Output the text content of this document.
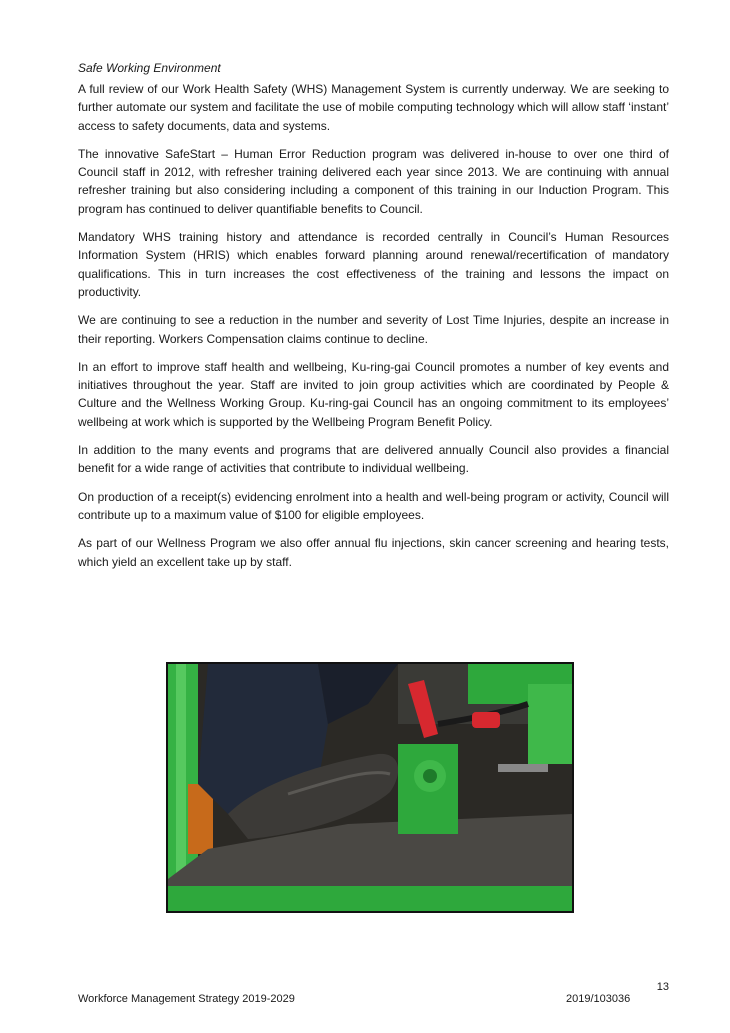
Safe Working Environment

A full review of our Work Health Safety (WHS) Management System is currently underway. We are seeking to further automate our system and facilitate the use of mobile computing technology which will allow staff ‘instant’ access to safety documents, data and systems.

The innovative SafeStart – Human Error Reduction program was delivered in-house to over one third of Council staff in 2012, with refresher training delivered each year since 2013. We are continuing with annual refresher training but also considering including a component of this training in our Induction Program. This program has continued to deliver quantifiable benefits to Council.

Mandatory WHS training history and attendance is recorded centrally in Council’s Human Resources Information System (HRIS) which enables forward planning around renewal/recertification of mandatory qualifications. This in turn increases the cost effectiveness of the training and lessons the impact on productivity.

We are continuing to see a reduction in the number and severity of Lost Time Injuries, despite an increase in their reporting. Workers Compensation claims continue to decline.

In an effort to improve staff health and wellbeing, Ku-ring-gai Council promotes a number of key events and initiatives throughout the year. Staff are invited to join group activities which are coordinated by People & Culture and the Wellness Working Group. Ku-ring-gai Council has an ongoing commitment to its employees’ wellbeing at work which is supported by the Wellbeing Program Benefit Policy.

In addition to the many events and programs that are delivered annually Council also provides a financial benefit for a wide range of activities that contribute to individual wellbeing.

On production of a receipt(s) evidencing enrolment into a health and well-being program or activity, Council will contribute up to a maximum value of $100 for eligible employees.

As part of our Wellness Program we also offer annual flu injections, skin cancer screening and hearing tests, which yield an excellent take up by staff.

13
Workforce Management Strategy 2019-2029	2019/103036
